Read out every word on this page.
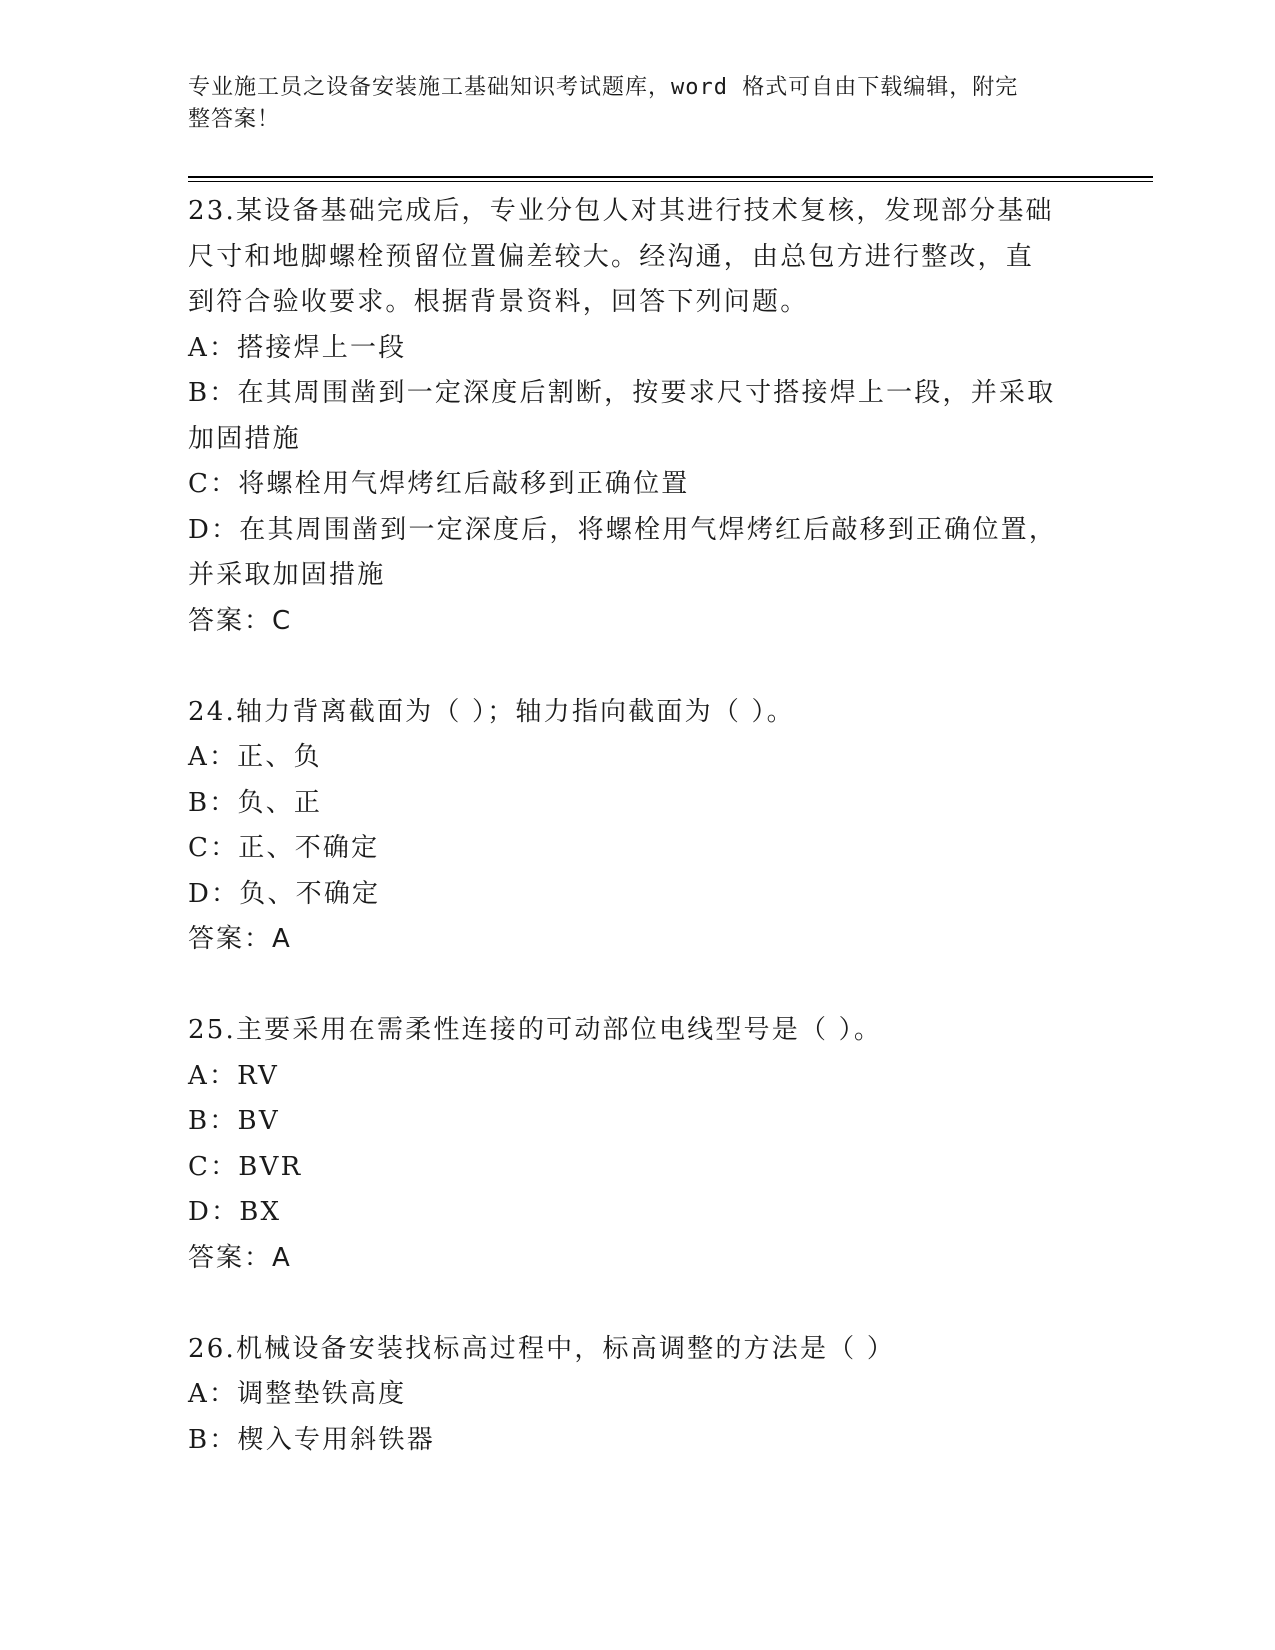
专业施工员之设备安装施工基础知识考试题库，word 格式可自由下载编辑，附完
整答案！
23.某设备基础完成后，专业分包人对其进行技术复核，发现部分基础
尺寸和地脚螺栓预留位置偏差较大。经沟通，由总包方进行整改，直
到符合验收要求。根据背景资料，回答下列问题。
A：搭接焊上一段
B：在其周围凿到一定深度后割断，按要求尺寸搭接焊上一段，并采取
加固措施
C：将螺栓用气焊烤红后敲移到正确位置
D：在其周围凿到一定深度后，将螺栓用气焊烤红后敲移到正确位置，
并采取加固措施
答案：C
24.轴力背离截面为（ ）；轴力指向截面为（ ）。
A：正、负
B：负、正
C：正、不确定
D：负、不确定
答案：A
25.主要采用在需柔性连接的可动部位电线型号是（ ）。
A：RV
B：BV
C：BVR
D：BX
答案：A
26.机械设备安装找标高过程中，标高调整的方法是（ ）
A：调整垫铁高度
B：楔入专用斜铁器
